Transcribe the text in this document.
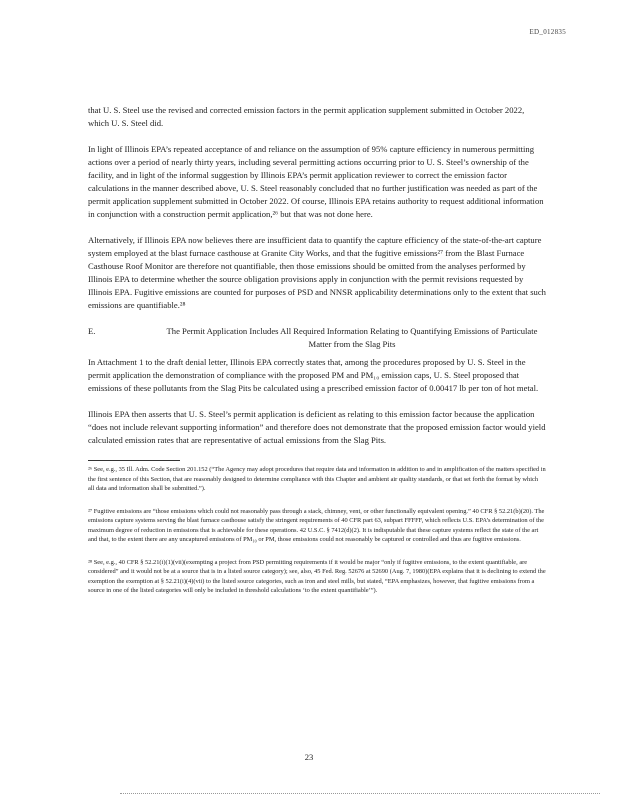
ED_012835

that U. S. Steel use the revised and corrected emission factors in the permit application supplement submitted in October 2022, which U. S. Steel did.

In light of Illinois EPA’s repeated acceptance of and reliance on the assumption of 95% capture efficiency in numerous permitting actions over a period of nearly thirty years, including several permitting actions occurring prior to U. S. Steel’s ownership of the facility, and in light of the informal suggestion by Illinois EPA’s permit application reviewer to correct the emission factor calculations in the manner described above, U. S. Steel reasonably concluded that no further justification was needed as part of the permit application supplement submitted in October 2022. Of course, Illinois EPA retains authority to request additional information in conjunction with a construction permit application,²⁶ but that was not done here.

Alternatively, if Illinois EPA now believes there are insufficient data to quantify the capture efficiency of the state-of-the-art capture system employed at the blast furnace casthouse at Granite City Works, and that the fugitive emissions²⁷ from the Blast Furnace Casthouse Roof Monitor are therefore not quantifiable, then those emissions should be omitted from the analyses performed by Illinois EPA to determine whether the source obligation provisions apply in conjunction with the permit revisions requested by Illinois EPA. Fugitive emissions are counted for purposes of PSD and NNSR applicability determinations only to the extent that such emissions are quantifiable.²⁸

E.	The Permit Application Includes All Required Information Relating to Quantifying Emissions of Particulate Matter from the Slag Pits

In Attachment 1 to the draft denial letter, Illinois EPA correctly states that, among the procedures proposed by U. S. Steel in the permit application the demonstration of compliance with the proposed PM and PM₁₀ emission caps, U. S. Steel proposed that emissions of these pollutants from the Slag Pits be calculated using a prescribed emission factor of 0.00417 lb per ton of hot metal.

Illinois EPA then asserts that U. S. Steel’s permit application is deficient as relating to this emission factor because the application “does not include relevant supporting information” and therefore does not demonstrate that the proposed emission factor would yield calculated emission rates that are representative of actual emissions from the Slag Pits.

²⁶ See, e.g., 35 Ill. Adm. Code Section 201.152 (“The Agency may adopt procedures that require data and information in addition to and in amplification of the matters specified in the first sentence of this Section, that are reasonably designed to determine compliance with this Chapter and ambient air quality standards, or that set forth the format by which all data and information shall be submitted.”).

²⁷ Fugitive emissions are “those emissions which could not reasonably pass through a stack, chimney, vent, or other functionally equivalent opening.” 40 CFR § 52.21(b)(20). The emissions capture systems serving the blast furnace casthouse satisfy the stringent requirements of 40 CFR part 63, subpart FFFFF, which reflects U.S. EPA’s determination of the maximum degree of reduction in emissions that is achievable for these operations. 42 U.S.C. § 7412(d)(2). It is indisputable that these capture systems reflect the state of the art and that, to the extent there are any uncaptured emissions of PM₁₀ or PM, those emissions could not reasonably be captured or controlled and thus are fugitive emissions.

²⁸ See, e.g., 40 CFR § 52.21(i)(1)(vii)(exempting a project from PSD permitting requirements if it would be major “only if fugitive emissions, to the extent quantifiable, are considered” and it would not be at a source that is in a listed source category); see, also, 45 Fed. Reg. 52676 at 52690 (Aug. 7, 1980)(EPA explains that it is declining to extend the exemption the exemption at § 52.21(i)(4)(vii) to the listed source categories, such as iron and steel mills, but stated, “EPA emphasizes, however, that fugitive emissions from a source in one of the listed categories will only be included in threshold calculations ‘to the extent quantifiable’”).

23
